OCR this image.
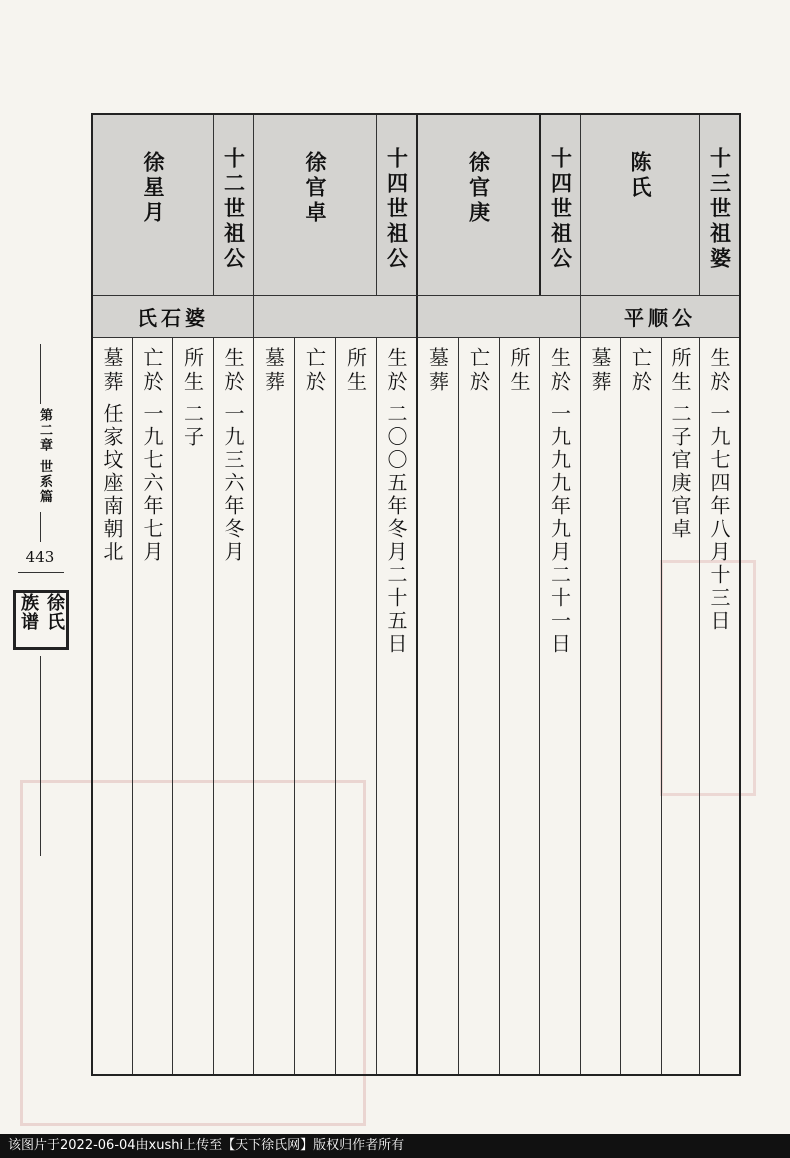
第二章 世系篇
443
徐氏族谱
十三世祖婆
陈氏
平顺公
生於
一九七四年八月十三日
所生
二子官庚官卓
亡於
墓葬
十四世祖公
徐官庚
生於
一九九九年九月二十一日
所生
亡於
墓葬
十四世祖公
徐官卓
生於
二〇〇五年冬月二十五日
所生
亡於
墓葬
十二世祖公
徐星月
氏石婆
生於
一九三六年冬月
所生
二子
亡於
一九七六年七月
墓葬
任家坟座南朝北
该图片于2022-06-04由xushi上传至【天下徐氏网】版权归作者所有
